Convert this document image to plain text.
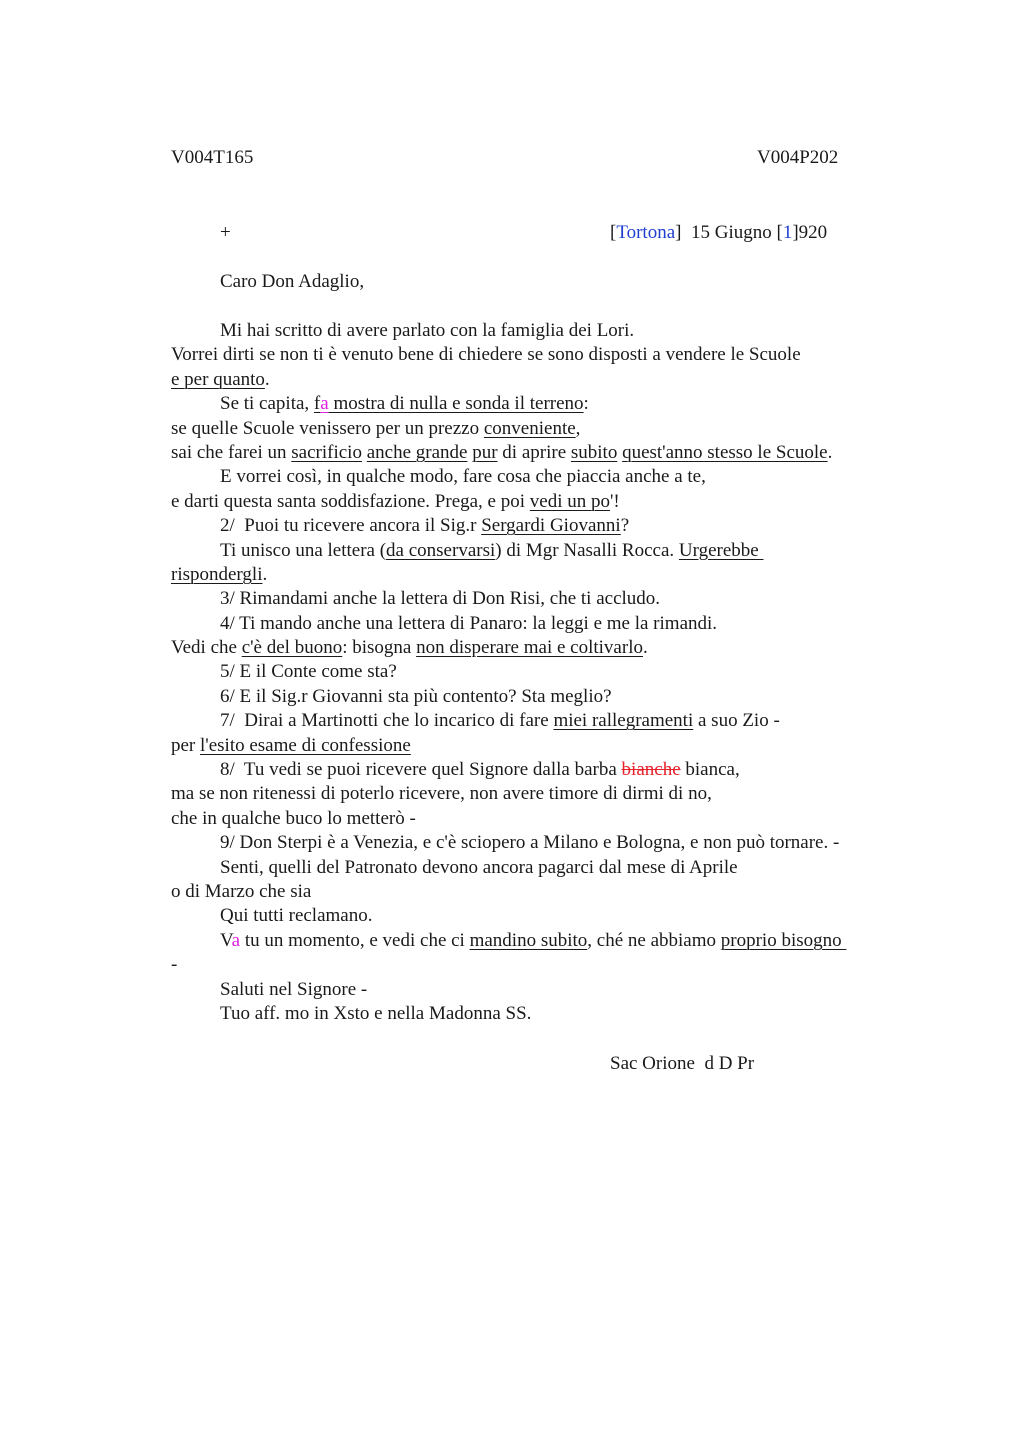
V004T165	V004P202
+	[Tortona]  15 Giugno [1]920
Caro Don Adaglio,
Mi hai scritto di avere parlato con la famiglia dei Lori.
Vorrei dirti se non ti è venuto bene di chiedere se sono disposti a vendere le Scuole
e per quanto.
Se ti capita, fa mostra di nulla e sonda il terreno:
se quelle Scuole venissero per un prezzo conveniente,
sai che farei un sacrificio anche grande pur di aprire subito quest'anno stesso le Scuole.
E vorrei così, in qualche modo, fare cosa che piaccia anche a te,
e darti questa santa soddisfazione. Prega, e poi vedi un po'!
2/  Puoi tu ricevere ancora il Sig.r Sergardi Giovanni?
Ti unisco una lettera (da conservarsi) di Mgr Nasalli Rocca. Urgerebbe
rispondergli.
3/ Rimandami anche la lettera di Don Risi, che ti accludo.
4/ Ti mando anche una lettera di Panaro: la leggi e me la rimandi.
Vedi che c'è del buono: bisogna non disperare mai e coltivarlo.
5/ E il Conte come sta?
6/ E il Sig.r Giovanni sta più contento? Sta meglio?
7/  Dirai a Martinotti che lo incarico di fare miei rallegramenti a suo Zio -
per l'esito esame di confessione
8/  Tu vedi se puoi ricevere quel Signore dalla barba bianche bianca,
ma se non ritenessi di poterlo ricevere, non avere timore di dirmi di no,
che in qualche buco lo metterò -
9/ Don Sterpi è a Venezia, e c'è sciopero a Milano e Bologna, e non può tornare. -
Senti, quelli del Patronato devono ancora pagarci dal mese di Aprile
o di Marzo che sia
Qui tutti reclamano.
Va tu un momento, e vedi che ci mandino subito, ché ne abbiamo proprio bisogno
-
Saluti nel Signore -
Tuo aff. mo in Xsto e nella Madonna SS.
Sac Orione  d D Pr
